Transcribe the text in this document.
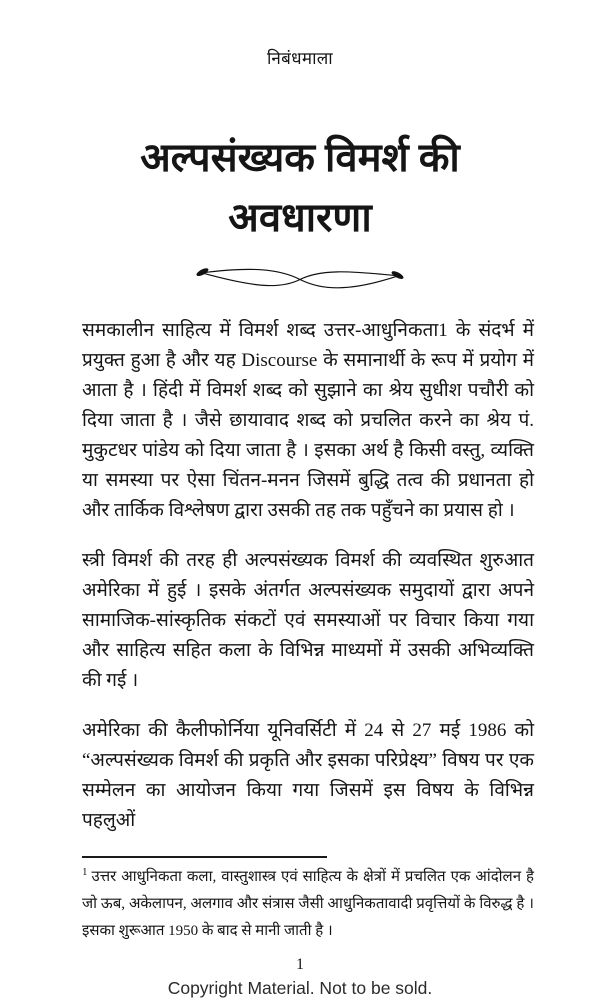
निबंधमाला
अल्पसंख्यक विमर्श की
अवधारणा

समकालीन साहित्य में विमर्श शब्द उत्तर-आधुनिकता1 के संदर्भ में प्रयुक्त हुआ है और यह Discourse के समानार्थी के रूप में प्रयोग में आता है । हिंदी में विमर्श शब्द को सुझाने का श्रेय सुधीश पचौरी को दिया जाता है । जैसे छायावाद शब्द को प्रचलित करने का श्रेय पं. मुकुटधर पांडेय को दिया जाता है । इसका अर्थ है किसी वस्तु, व्यक्ति या समस्या पर ऐसा चिंतन-मनन जिसमें बुद्धि तत्व की प्रधानता हो और तार्किक विश्लेषण द्वारा उसकी तह तक पहुँचने का प्रयास हो ।

स्त्री विमर्श की तरह ही अल्पसंख्यक विमर्श की व्यवस्थित शुरुआत अमेरिका में हुई । इसके अंतर्गत अल्पसंख्यक समुदायों द्वारा अपने सामाजिक-सांस्कृतिक संकटों एवं समस्याओं पर विचार किया गया और साहित्य सहित कला के विभिन्न माध्यमों में उसकी अभिव्यक्ति की गई ।

अमेरिका की कैलीफोर्निया यूनिवर्सिटी में 24 से 27 मई 1986 को “अल्पसंख्यक विमर्श की प्रकृति और इसका परिप्रेक्ष्य” विषय पर एक सम्मेलन का आयोजन किया गया जिसमें इस विषय के विभिन्न पहलुओं

$^1$ उत्तर आधुनिकता कला, वास्तुशास्त्र एवं साहित्य के क्षेत्रों में प्रचलित एक आंदोलन है जो ऊब, अकेलापन, अलगाव और संत्रास जैसी आधुनिकतावादी प्रवृत्तियों के विरुद्ध है । इसका शुरूआत 1950 के बाद से मानी जाती है ।

1
Copyright Material. Not to be sold.
